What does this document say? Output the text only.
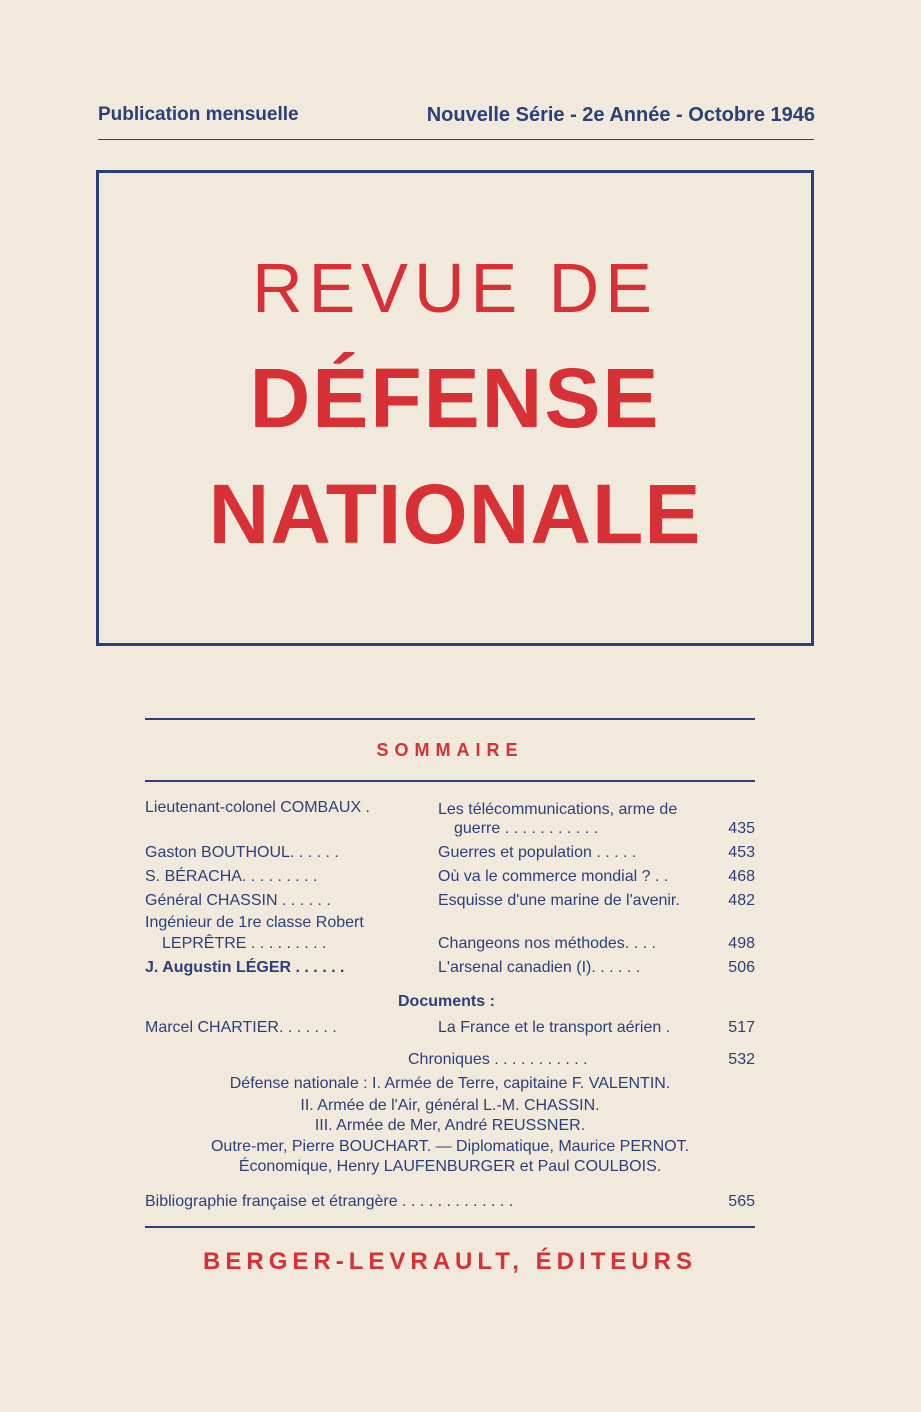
Publication mensuelle	Nouvelle Série - 2e Année - Octobre 1946
REVUE DE
DÉFENSE
NATIONALE
SOMMAIRE
Lieutenant-colonel COMBAUX .	Les télécommunications, arme de
guerre . . . . . . . . . . .	435
Gaston BOUTHOUL. . . . . .	Guerres et population . . . . .	453
S. BÉRACHA. . . . . . . . .	Où va le commerce mondial ? . .	468
Général CHASSIN . . . . . .	Esquisse d'une marine de l'avenir.	482
Ingénieur de 1re classe Robert
LEPRÊTRE . . . . . . . . .	Changeons nos méthodes. . . .	498
J. Augustin LÉGER . . . . . .	L'arsenal canadien (I). . . . . .	506
Documents :
Marcel CHARTIER. . . . . . .	La France et le transport aérien .	517
Chroniques . . . . . . . . . . .	532
Défense nationale : I. Armée de Terre, capitaine F. VALENTIN.
II. Armée de l'Air, général L.-M. CHASSIN.
III. Armée de Mer, André REUSSNER.
Outre-mer, Pierre BOUCHART. — Diplomatique, Maurice PERNOT.
Économique, Henry LAUFENBURGER et Paul COULBOIS.
Bibliographie française et étrangère . . . . . . . . . . . . .	565
BERGER-LEVRAULT, ÉDITEURS
